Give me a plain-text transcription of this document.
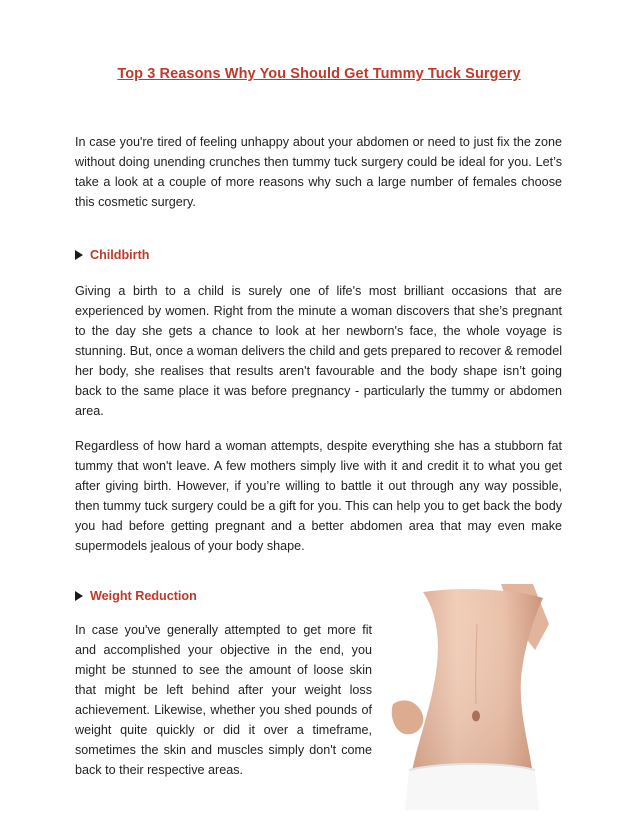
Top 3 Reasons Why You Should Get Tummy Tuck Surgery

In case you're tired of feeling unhappy about your abdomen or need to just fix the zone without doing unending crunches then tummy tuck surgery could be ideal for you. Let’s take a look at a couple of more reasons why such a large number of females choose this cosmetic surgery.

Childbirth

Giving a birth to a child is surely one of life's most brilliant occasions that are experienced by women. Right from the minute a woman discovers that she’s pregnant to the day she gets a chance to look at her newborn's face, the whole voyage is stunning. But, once a woman delivers the child and gets prepared to recover & remodel her body, she realises that results aren't favourable and the body shape isn’t going back to the same place it was before pregnancy - particularly the tummy or abdomen area.

Regardless of how hard a woman attempts, despite everything she has a stubborn fat tummy that won't leave. A few mothers simply live with it and credit it to what you get after giving birth. However, if you’re willing to battle it out through any way possible, then tummy tuck surgery could be a gift for you. This can help you to get back the body you had before getting pregnant and a better abdomen area that may even make supermodels jealous of your body shape.

Weight Reduction

In case you've generally attempted to get more fit and accomplished your objective in the end, you might be stunned to see the amount of loose skin that might be left behind after your weight loss achievement. Likewise, whether you shed pounds of weight quite quickly or did it over a timeframe, sometimes the skin and muscles simply don't come back to their respective areas.
